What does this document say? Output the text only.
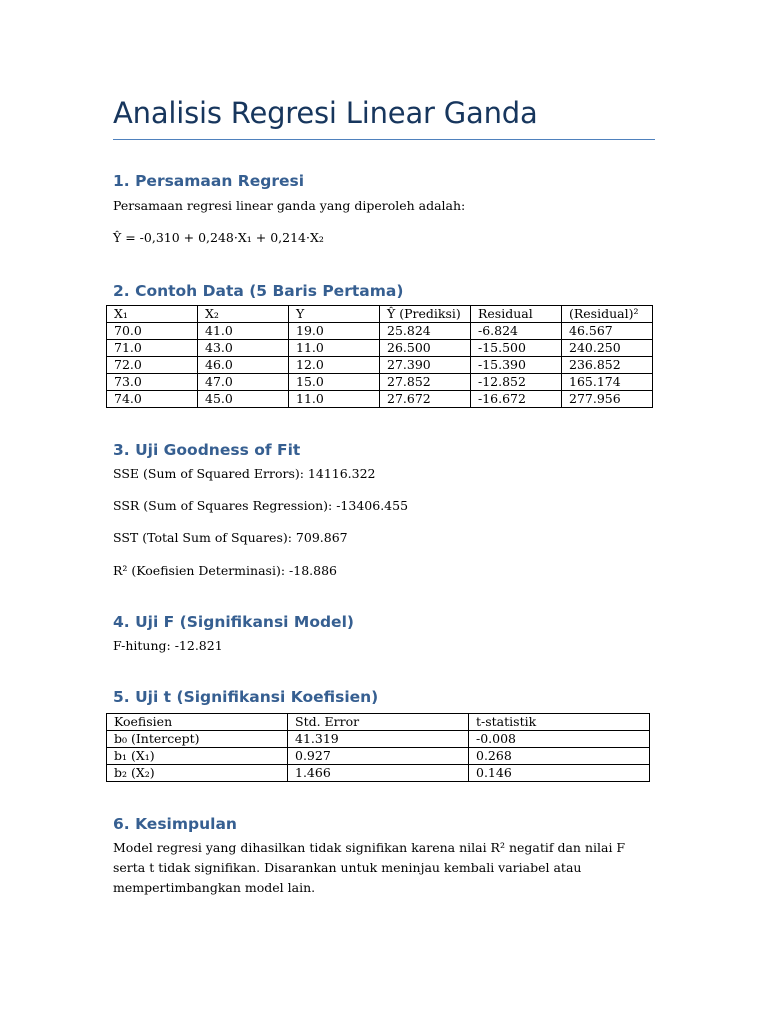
Analisis Regresi Linear Ganda
1. Persamaan Regresi

Persamaan regresi linear ganda yang diperoleh adalah:

Ŷ = -0,310 + 0,248·X₁ + 0,214·X₂

2. Contoh Data (5 Baris Pertama)
X₁	X₂	Y	Ŷ (Prediksi)	Residual	(Residual)²
70.0	41.0	19.0	25.824	-6.824	46.567
71.0	43.0	11.0	26.500	-15.500	240.250
72.0	46.0	12.0	27.390	-15.390	236.852
73.0	47.0	15.0	27.852	-12.852	165.174
74.0	45.0	11.0	27.672	-16.672	277.956
3. Uji Goodness of Fit

SSE (Sum of Squared Errors): 14116.322

SSR (Sum of Squares Regression): -13406.455

SST (Total Sum of Squares): 709.867

R² (Koefisien Determinasi): -18.886

4. Uji F (Signifikansi Model)

F-hitung: -12.821

5. Uji t (Signifikansi Koefisien)
Koefisien	Std. Error	t-statistik
b₀ (Intercept)	41.319	-0.008
b₁ (X₁)	0.927	0.268
b₂ (X₂)	1.466	0.146
6. Kesimpulan

Model regresi yang dihasilkan tidak signifikan karena nilai R² negatif dan nilai F serta t tidak signifikan. Disarankan untuk meninjau kembali variabel atau mempertimbangkan model lain.
